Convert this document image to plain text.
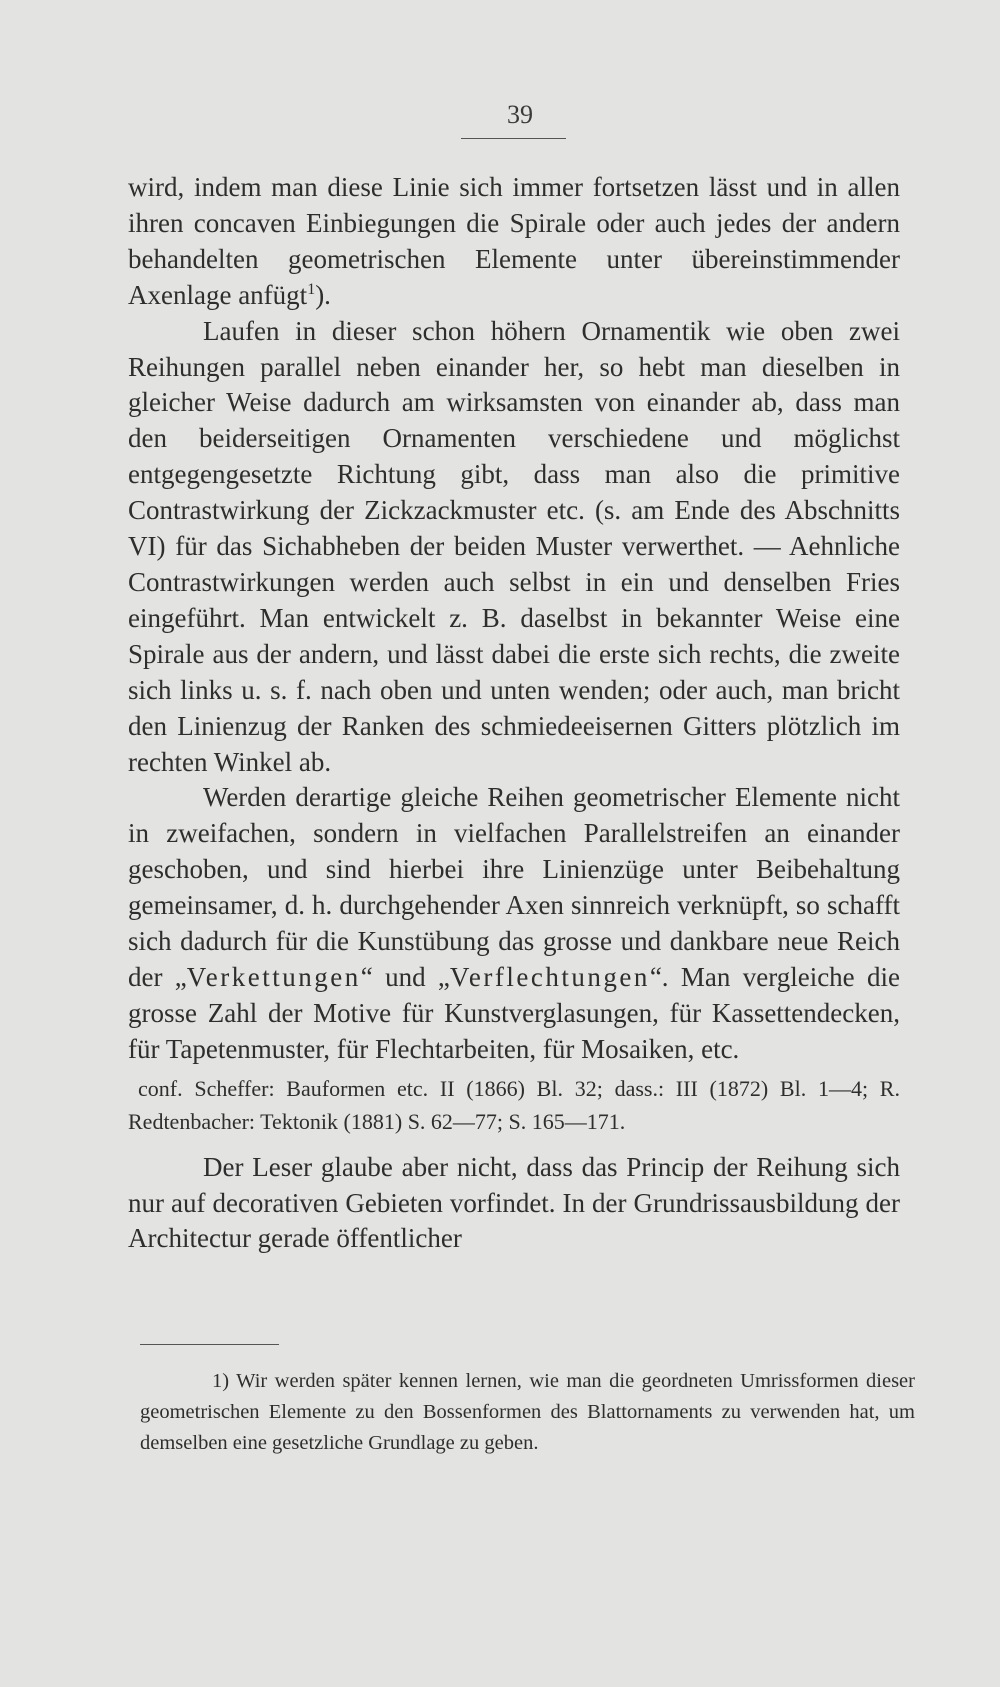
39

wird, indem man diese Linie sich immer fortsetzen lässt und in allen ihren concaven Einbiegungen die Spirale oder auch jedes der andern behandelten geometrischen Elemente unter übereinstimmender Axenlage anfügt$^1$).

Laufen in dieser schon höhern Ornamentik wie oben zwei Reihungen parallel neben einander her, so hebt man dieselben in gleicher Weise dadurch am wirksamsten von einander ab, dass man den beiderseitigen Ornamenten verschiedene und möglichst entgegengesetzte Richtung gibt, dass man also die primitive Contrastwirkung der Zickzackmuster etc. (s. am Ende des Abschnitts VI) für das Sichabheben der beiden Muster verwerthet. — Aehnliche Contrastwirkungen werden auch selbst in ein und denselben Fries eingeführt. Man entwickelt z. B. daselbst in bekannter Weise eine Spirale aus der andern, und lässt dabei die erste sich rechts, die zweite sich links u. s. f. nach oben und unten wenden; oder auch, man bricht den Linienzug der Ranken des schmiedeeisernen Gitters plötzlich im rechten Winkel ab.

Werden derartige gleiche Reihen geometrischer Elemente nicht in zweifachen, sondern in vielfachen Parallelstreifen an einander geschoben, und sind hierbei ihre Linienzüge unter Beibehaltung gemeinsamer, d. h. durchgehender Axen sinnreich verknüpft, so schafft sich dadurch für die Kunstübung das grosse und dankbare neue Reich der „Verkettungen“ und „Verflechtungen“. Man vergleiche die grosse Zahl der Motive für Kunstverglasungen, für Kassettendecken, für Tapetenmuster, für Flechtarbeiten, für Mosaiken, etc.

conf. Scheffer: Bauformen etc. II (1866) Bl. 32; dass.: III (1872) Bl. 1—4; R. Redtenbacher: Tektonik (1881) S. 62—77; S. 165—171.

Der Leser glaube aber nicht, dass das Princip der Reihung sich nur auf decorativen Gebieten vorfindet. In der Grundrissausbildung der Architectur gerade öffentlicher

1) Wir werden später kennen lernen, wie man die geordneten Umrissformen dieser geometrischen Elemente zu den Bossenformen des Blattornaments zu verwenden hat, um demselben eine gesetzliche Grundlage zu geben.
